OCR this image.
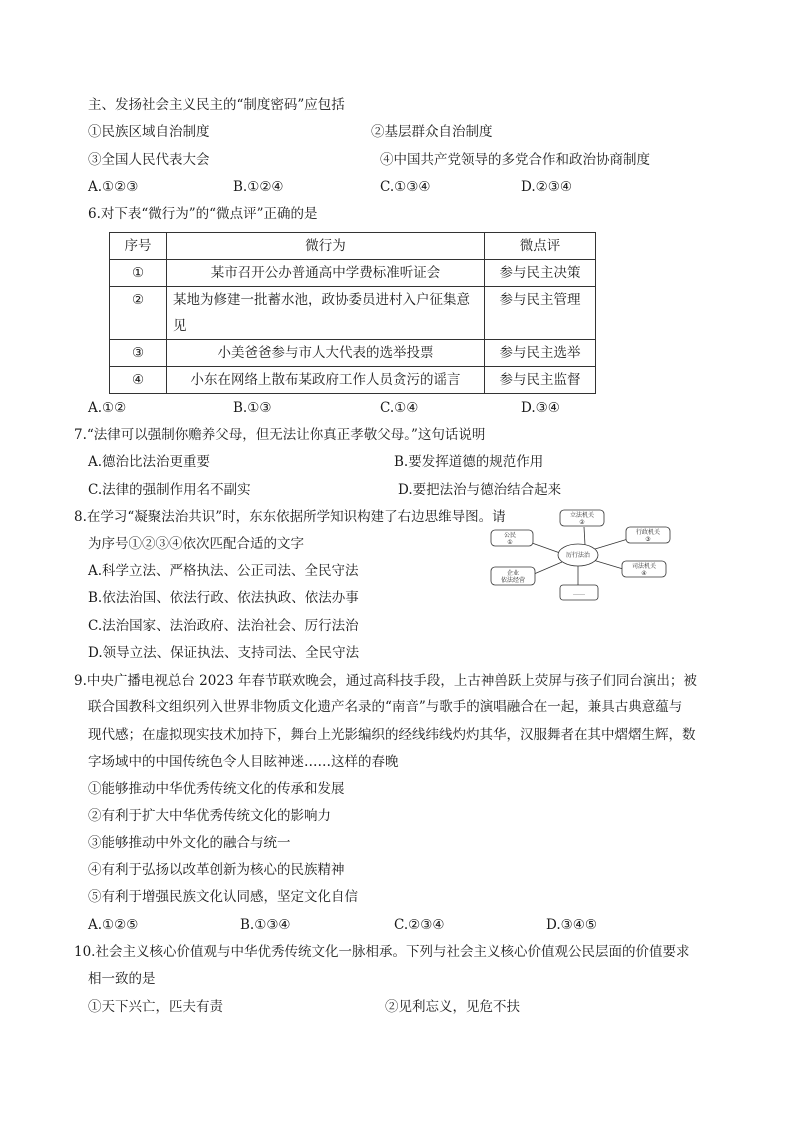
主、发扬社会主义民主的“制度密码”应包括
①民族区域自治制度	②基层群众自治制度
③全国人民代表大会	④中国共产党领导的多党合作和政治协商制度
A.①②③	B.①②④	C.①③④	D.②③④
6.对下表“微行为”的“微点评”正确的是
序号	微行为	微点评
①	某市召开公办普通高中学费标准听证会	参与民主决策
②	某地为修建一批蓄水池，政协委员进村入户征集意见	参与民主管理
③	小美爸爸参与市人大代表的选举投票	参与民主选举
④	小东在网络上散布某政府工作人员贪污的谣言	参与民主监督
A.①②	B.①③	C.①④	D.③④
7.“法律可以强制你赡养父母，但无法让你真正孝敬父母。”这句话说明
A.德治比法治更重要	B.要发挥道德的规范作用
C.法律的强制作用名不副实	D.要把法治与德治结合起来
8.在学习“凝聚法治共识”时，东东依据所学知识构建了右边思维导图。请
为序号①②③④依次匹配合适的文字
A.科学立法、严格执法、公正司法、全民守法
B.依法治国、依法行政、依法执政、依法办事
C.法治国家、法治政府、法治社会、厉行法治
D.领导立法、保证执法、支持司法、全民守法
厉行法治
立法机关
②
行政机关
③
司法机关
④
公民
①
企业
依法经营
……
9.中央广播电视总台 2023 年春节联欢晚会，通过高科技手段，上古神兽跃上荧屏与孩子们同台演出；被
联合国教科文组织列入世界非物质文化遗产名录的“南音”与歌手的演唱融合在一起，兼具古典意蕴与
现代感；在虚拟现实技术加持下，舞台上光影编织的经线纬线灼灼其华，汉服舞者在其中熠熠生辉，数
字场域中的中国传统色令人目眩神迷……这样的春晚
①能够推动中华优秀传统文化的传承和发展
②有利于扩大中华优秀传统文化的影响力
③能够推动中外文化的融合与统一
④有利于弘扬以改革创新为核心的民族精神
⑤有利于增强民族文化认同感，坚定文化自信
A.①②⑤	B.①③④	C.②③④	D.③④⑤
10.社会主义核心价值观与中华优秀传统文化一脉相承。下列与社会主义核心价值观公民层面的价值要求
相一致的是
①天下兴亡，匹夫有责	②见利忘义，见危不扶
